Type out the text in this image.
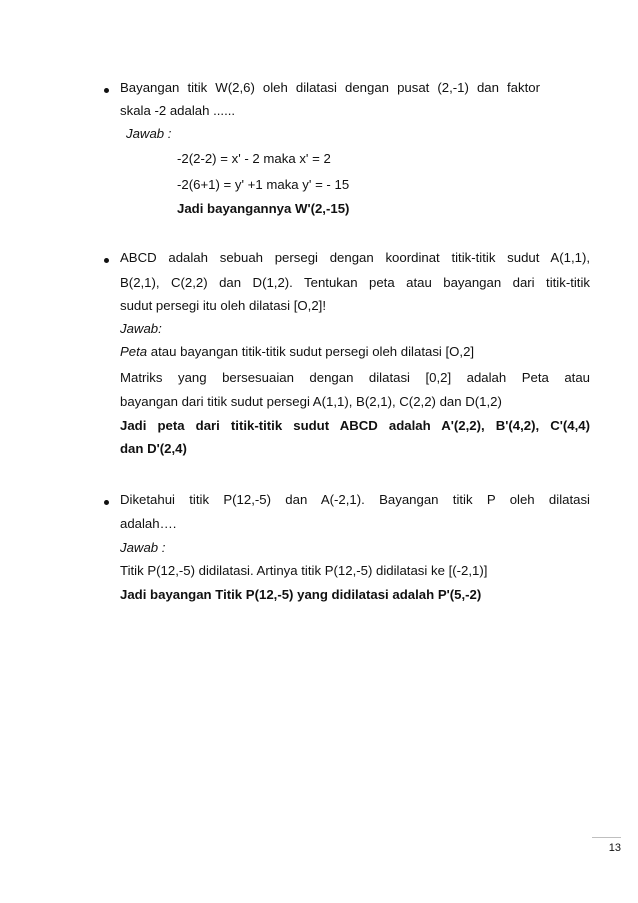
Bayangan titik W(2,6) oleh dilatasi dengan pusat (2,-1) dan faktor
skala -2 adalah ......
Jawab :
-2(2-2) = x' - 2 maka x' = 2
-2(6+1) = y' +1 maka y' = - 15
Jadi bayangannya W'(2,-15)
ABCD adalah sebuah persegi dengan koordinat titik-titik sudut A(1,1),
B(2,1), C(2,2) dan D(1,2). Tentukan peta atau bayangan dari titik-titik
sudut persegi itu oleh dilatasi [O,2]!
Jawab:
Peta atau bayangan titik-titik sudut persegi oleh dilatasi [O,2]
Matriks yang bersesuaian dengan dilatasi [0,2] adalah Peta atau
bayangan dari titik sudut persegi A(1,1), B(2,1), C(2,2) dan D(1,2)
Jadi peta dari titik-titik sudut ABCD adalah A'(2,2), B'(4,2), C'(4,4)
dan D'(2,4)
Diketahui titik P(12,-5) dan A(-2,1). Bayangan titik P oleh dilatasi
adalah….
Jawab :
Titik P(12,-5) didilatasi. Artinya titik P(12,-5) didilatasi ke [(-2,1)]
Jadi bayangan Titik P(12,-5) yang didilatasi adalah P'(5,-2)
13
